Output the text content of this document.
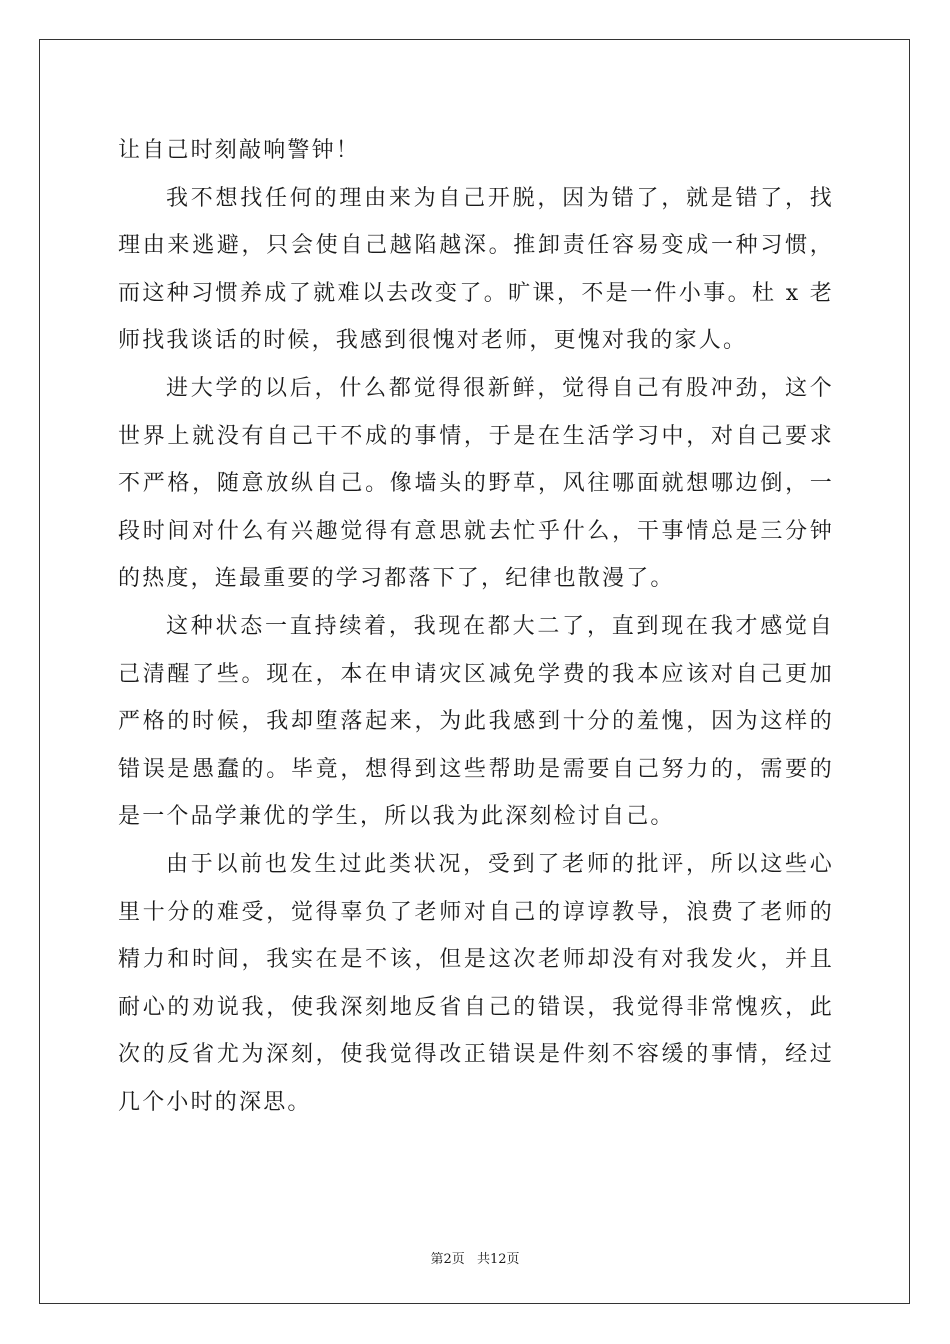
让自己时刻敲响警钟！

我不想找任何的理由来为自己开脱，因为错了，就是错了，找理由来逃避，只会使自己越陷越深。推卸责任容易变成一种习惯，而这种习惯养成了就难以去改变了。旷课，不是一件小事。杜 x 老师找我谈话的时候，我感到很愧对老师，更愧对我的家人。

进大学的以后，什么都觉得很新鲜，觉得自己有股冲劲，这个世界上就没有自己干不成的事情，于是在生活学习中，对自己要求不严格，随意放纵自己。像墙头的野草，风往哪面就想哪边倒，一段时间对什么有兴趣觉得有意思就去忙乎什么，干事情总是三分钟的热度，连最重要的学习都落下了，纪律也散漫了。

这种状态一直持续着，我现在都大二了，直到现在我才感觉自己清醒了些。现在，本在申请灾区减免学费的我本应该对自己更加严格的时候，我却堕落起来，为此我感到十分的羞愧，因为这样的错误是愚蠢的。毕竟，想得到这些帮助是需要自己努力的，需要的是一个品学兼优的学生，所以我为此深刻检讨自己。

由于以前也发生过此类状况，受到了老师的批评，所以这些心里十分的难受，觉得辜负了老师对自己的谆谆教导，浪费了老师的精力和时间，我实在是不该，但是这次老师却没有对我发火，并且耐心的劝说我，使我深刻地反省自己的错误，我觉得非常愧疚，此次的反省尤为深刻，使我觉得改正错误是件刻不容缓的事情，经过几个小时的深思。

第2页 共12页
